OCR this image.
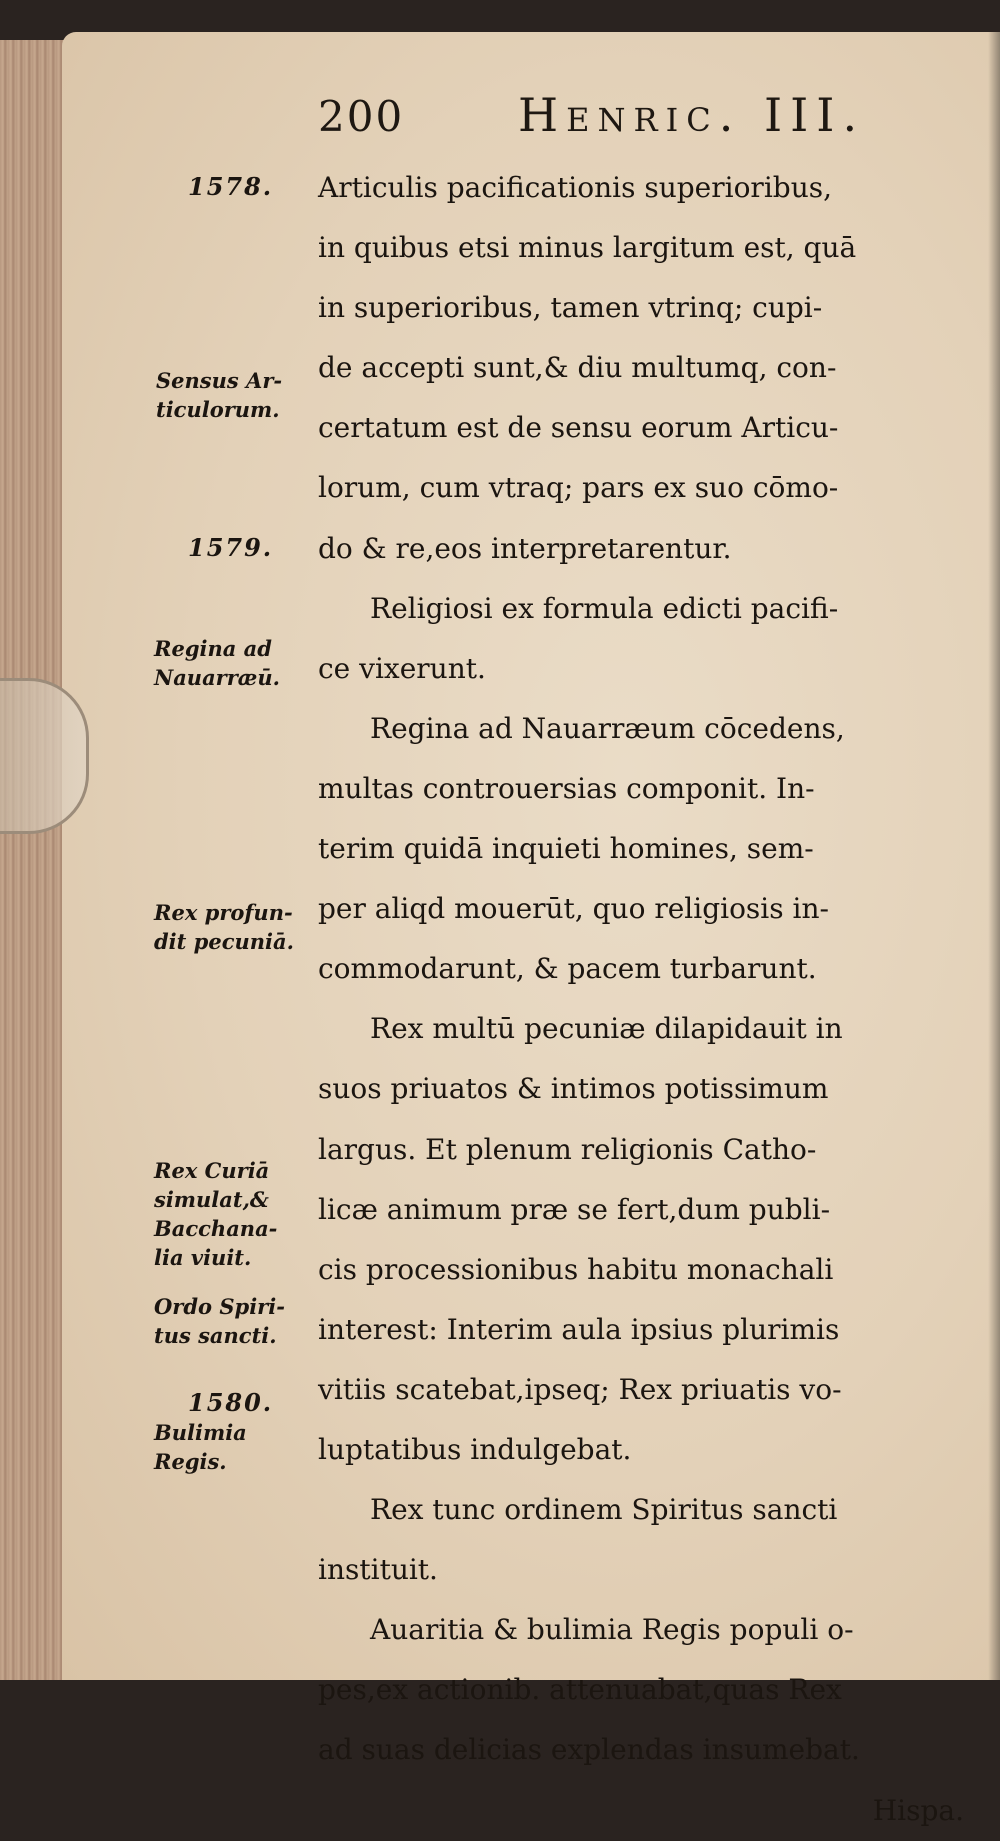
200 Henric. III.
1578.
1579.
1580.
Sensus Ar-
ticulorum.
Regina ad
Nauarræū.
Rex profun-
dit pecuniā.
Rex Curiā
simulat,&
Bacchana-
lia viuit.
Ordo Spiri-
tus sancti.
Bulimia
Regis.
Articulis pacificationis superioribus,
in quibus etsi minus largitum est, quā
in superioribus, tamen vtrinq; cupi-
de accepti sunt,& diu multumq, con-
certatum est de sensu eorum Articu-
lorum, cum vtraq; pars ex suo cōmo-
do & re,eos interpretarentur.
Religiosi ex formula edicti pacifi-
ce vixerunt.
Regina ad Nauarræum cōcedens,
multas controuersias componit. In-
terim quidā inquieti homines, sem-
per aliqd mouerūt, quo religiosis in-
commodarunt, & pacem turbarunt.
Rex multū pecuniæ dilapidauit in
suos priuatos & intimos potissimum
largus. Et plenum religionis Catho-
licæ animum præ se fert,dum publi-
cis processionibus habitu monachali
interest: Interim aula ipsius plurimis
vitiis scatebat,ipseq; Rex priuatis vo-
luptatibus indulgebat.
Rex tunc ordinem Spiritus sancti
instituit.
Auaritia & bulimia Regis populi o-
pes,ex actionib. attenuabat,quas Rex
ad suas delicias explendas insumebat.
Hispa.
